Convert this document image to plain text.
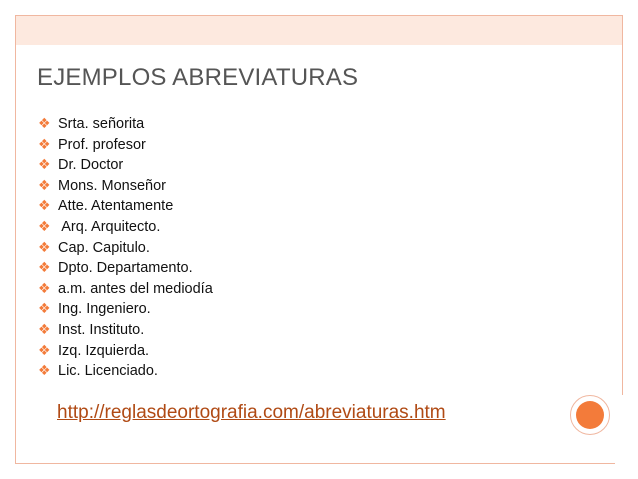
EJEMPLOS ABREVIATURAS
❖ Srta. señorita
❖ Prof. profesor
❖ Dr. Doctor
❖ Mons. Monseñor
❖ Atte. Atentamente
❖ Arq. Arquitecto.
❖ Cap. Capitulo.
❖ Dpto. Departamento.
❖ a.m. antes del mediodía
❖ Ing. Ingeniero.
❖ Inst. Instituto.
❖ Izq. Izquierda.
❖ Lic. Licenciado.
http://reglasdeortografia.com/abreviaturas.htm
